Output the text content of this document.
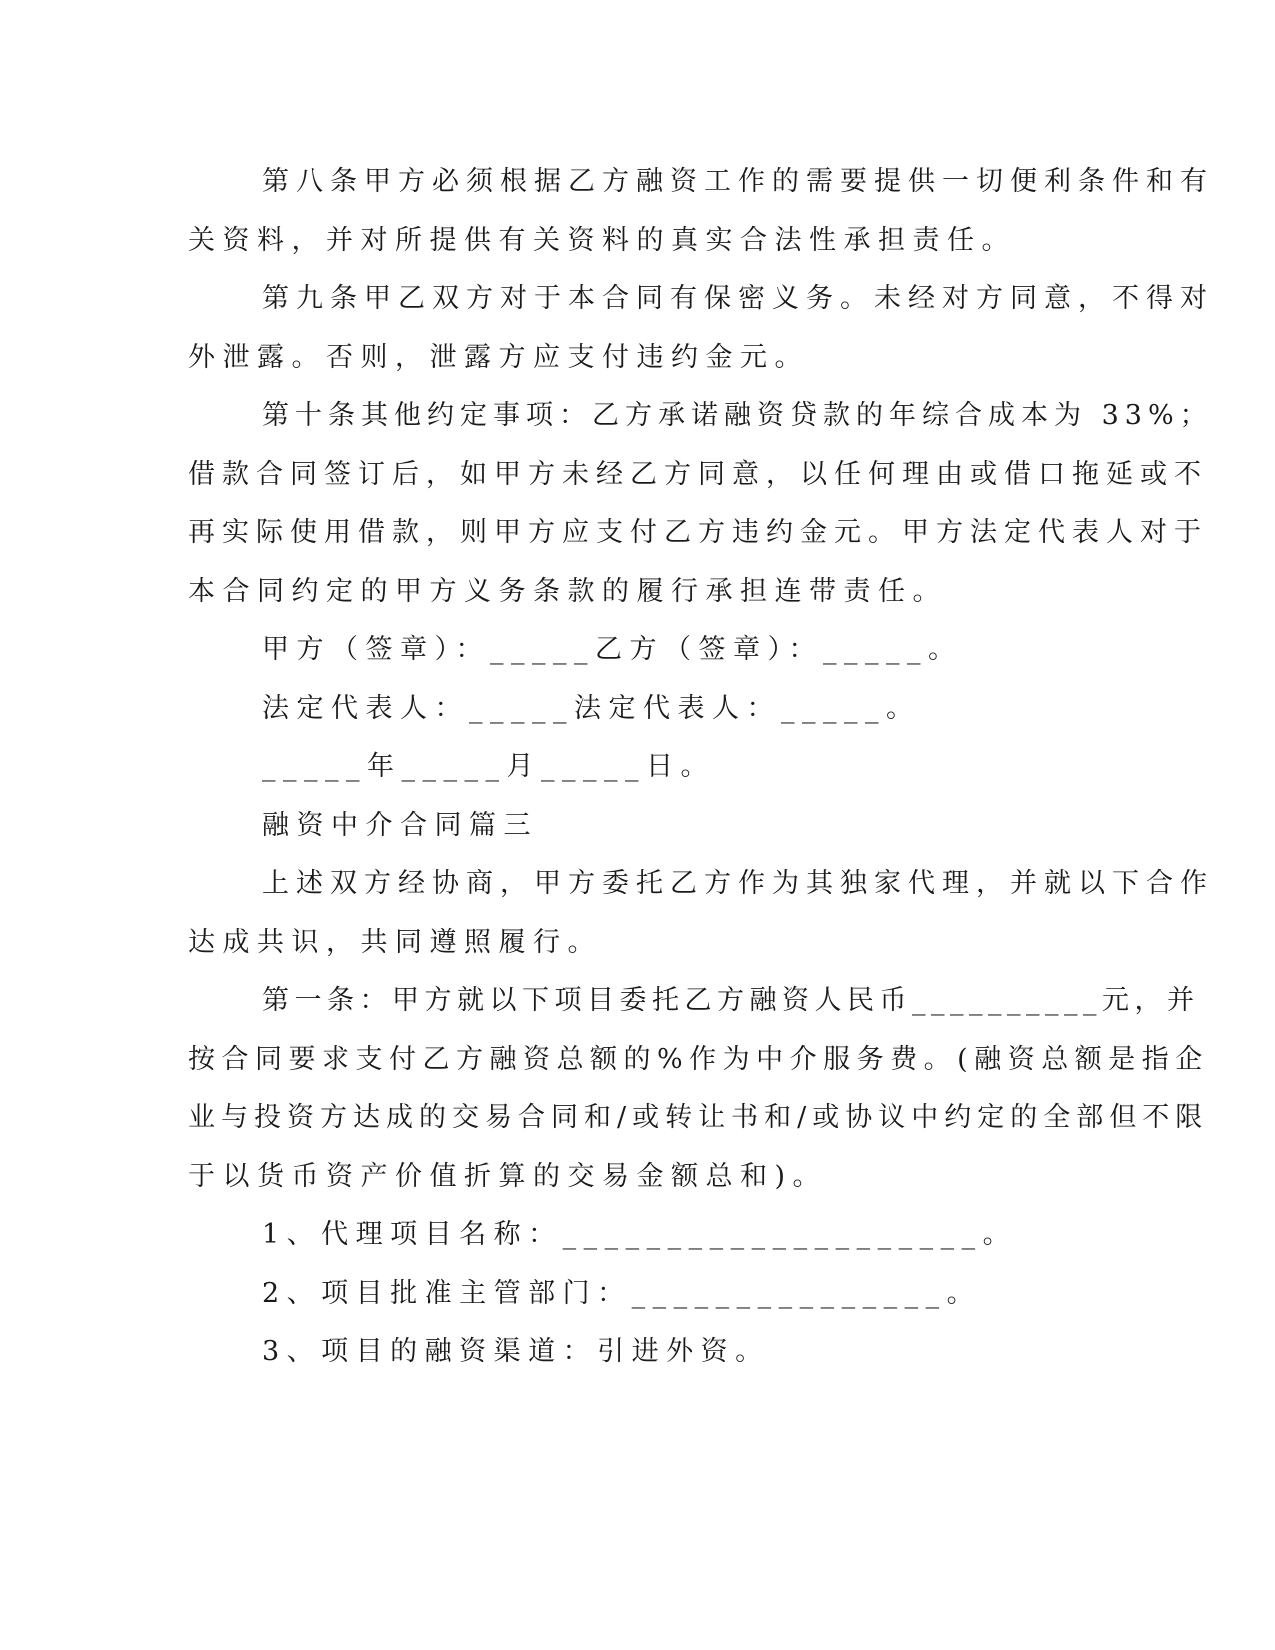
第八条甲方必须根据乙方融资工作的需要提供一切便利条件和有
关资料，并对所提供有关资料的真实合法性承担责任。
第九条甲乙双方对于本合同有保密义务。未经对方同意，不得对
外泄露。否则，泄露方应支付违约金元。
第十条其他约定事项：乙方承诺融资贷款的年综合成本为 33%；
借款合同签订后，如甲方未经乙方同意，以任何理由或借口拖延或不
再实际使用借款，则甲方应支付乙方违约金元。甲方法定代表人对于
本合同约定的甲方义务条款的履行承担连带责任。
甲方（签章）：_____乙方（签章）：_____。
法定代表人：_____法定代表人：_____。
_____年_____月_____日。
融资中介合同篇三
上述双方经协商，甲方委托乙方作为其独家代理，并就以下合作
达成共识，共同遵照履行。
第一条：甲方就以下项目委托乙方融资人民币__________元，并
按合同要求支付乙方融资总额的%作为中介服务费。(融资总额是指企
业与投资方达成的交易合同和/或转让书和/或协议中约定的全部但不限
于以货币资产价值折算的交易金额总和)。
1、代理项目名称：____________________。
2、项目批准主管部门：_______________。
3、项目的融资渠道：引进外资。
